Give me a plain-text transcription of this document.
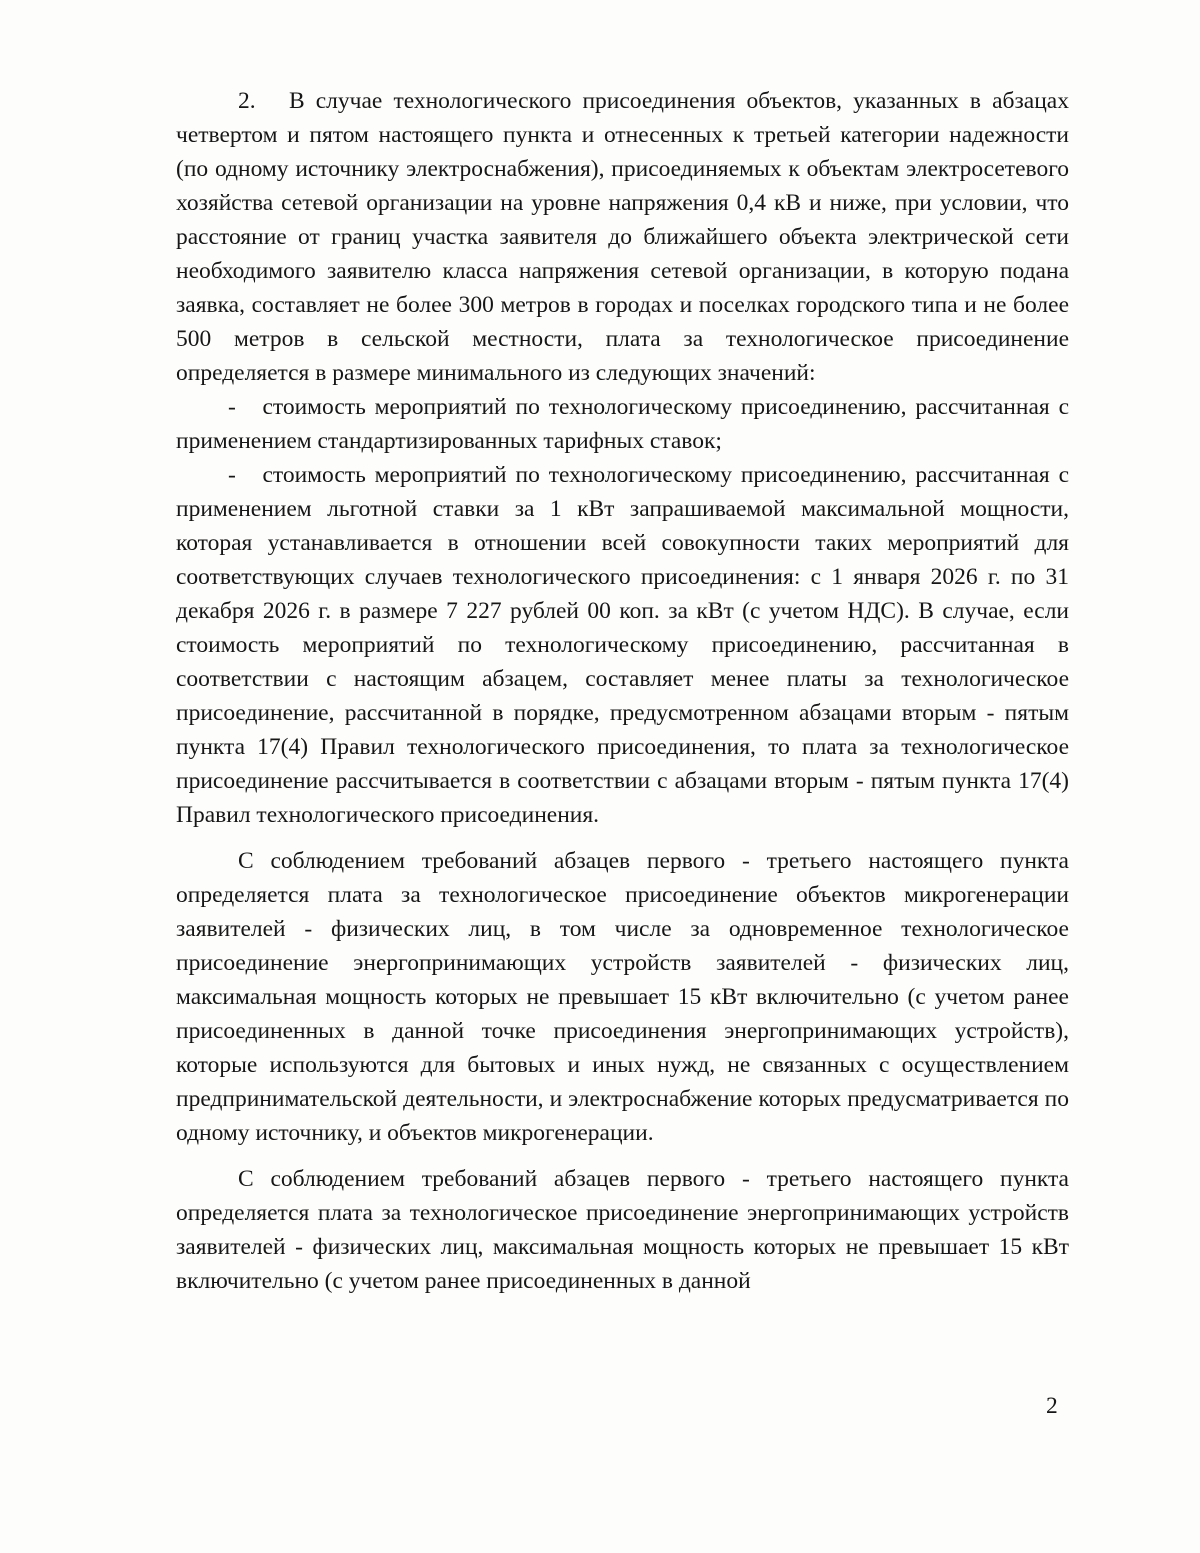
2.   В случае технологического присоединения объектов, указанных в абзацах четвертом и пятом настоящего пункта и отнесенных к третьей категории надежности (по одному источнику электроснабжения), присоединяемых к объектам электросетевого хозяйства сетевой организации на уровне напряжения 0,4 кВ и ниже, при условии, что расстояние от границ участка заявителя до ближайшего объекта электрической сети необходимого заявителю класса напряжения сетевой организации, в которую подана заявка, составляет не более 300 метров в городах и поселках городского типа и не более 500 метров в сельской местности, плата за технологическое присоединение определяется в размере минимального из следующих значений:

-   стоимость мероприятий по технологическому присоединению, рассчитанная с применением стандартизированных тарифных ставок;

-   стоимость мероприятий по технологическому присоединению, рассчитанная с применением льготной ставки за 1 кВт запрашиваемой максимальной мощности, которая устанавливается в отношении всей совокупности таких мероприятий для соответствующих случаев технологического присоединения: с 1 января 2026 г. по 31 декабря 2026 г. в размере 7 227 рублей 00 коп. за кВт (с учетом НДС). В случае, если стоимость мероприятий по технологическому присоединению, рассчитанная в соответствии с настоящим абзацем, составляет менее платы за технологическое присоединение, рассчитанной в порядке, предусмотренном абзацами вторым - пятым пункта 17(4) Правил технологического присоединения, то плата за технологическое присоединение рассчитывается в соответствии с абзацами вторым - пятым пункта 17(4) Правил технологического присоединения.

С соблюдением требований абзацев первого - третьего настоящего пункта определяется плата за технологическое присоединение объектов микрогенерации заявителей - физических лиц, в том числе за одновременное технологическое присоединение энергопринимающих устройств заявителей - физических лиц, максимальная мощность которых не превышает 15 кВт включительно (с учетом ранее присоединенных в данной точке присоединения энергопринимающих устройств), которые используются для бытовых и иных нужд, не связанных с осуществлением предпринимательской деятельности, и электроснабжение которых предусматривается по одному источнику, и объектов микрогенерации.

С соблюдением требований абзацев первого - третьего настоящего пункта определяется плата за технологическое присоединение энергопринимающих устройств заявителей - физических лиц, максимальная мощность которых не превышает 15 кВт включительно (с учетом ранее присоединенных в данной

2
